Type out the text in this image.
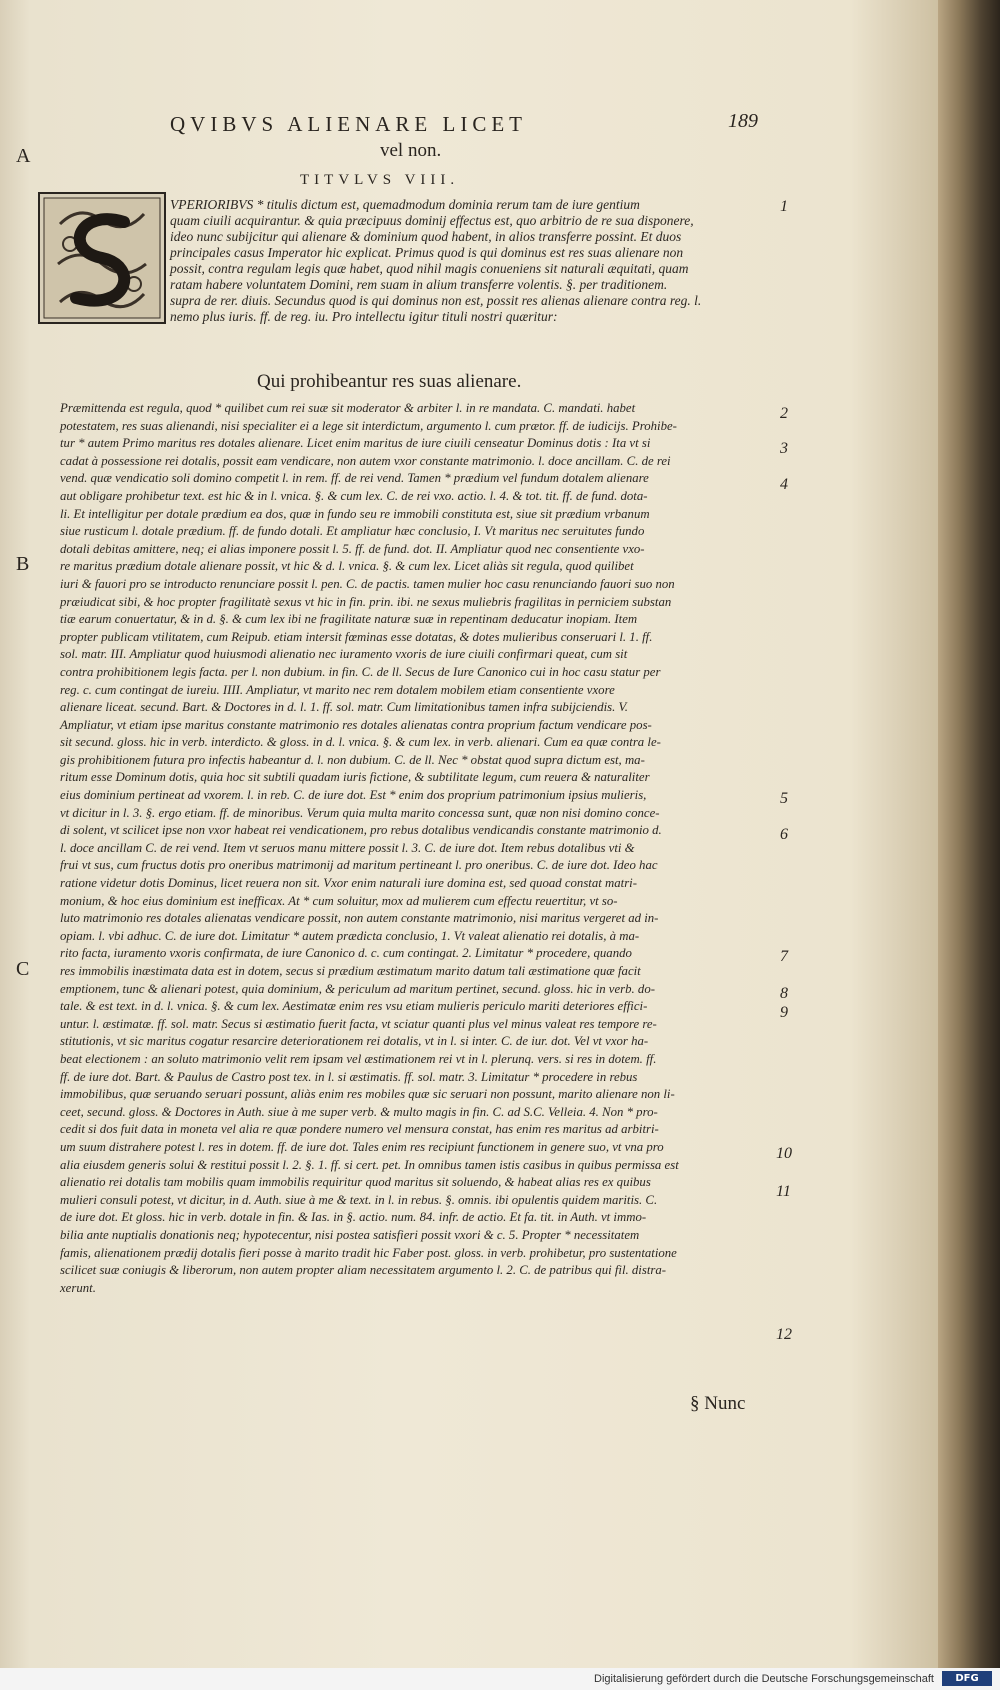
QVIBVS ALIENARE LICET
vel non.
189
A
B
C
TITVLVS VIII.

VPERIORIBVS * titulis dictum est, quemadmodum dominia rerum tam de iure gentium

quam ciuili acquirantur. & quia præcipuus dominij effectus est, quo arbitrio de re sua disponere,

ideo nunc subijcitur qui alienare & dominium quod habent, in alios transferre possint. Et duos

principales casus Imperator hic explicat. Primus quod is qui dominus est res suas alienare non

possit, contra regulam legis quæ habet, quod nihil magis conueniens sit naturali æquitati, quam

ratam habere voluntatem Domini, rem suam in alium transferre volentis. §. per traditionem.

supra de rer. diuis. Secundus quod is qui dominus non est, possit res alienas alienare contra reg. l.

nemo plus iuris. ff. de reg. iu. Pro intellectu igitur tituli nostri quæritur:

Qui prohibeantur res suas alienare.

Præmittenda est regula, quod * quilibet cum rei suæ sit moderator & arbiter l. in re mandata. C. mandati. habet

potestatem, res suas alienandi, nisi specialiter ei a lege sit interdictum, argumento l. cum prætor. ff. de iudicijs. Prohibe-

tur * autem Primo maritus res dotales alienare. Licet enim maritus de iure ciuili censeatur Dominus dotis : Ita vt si

cadat à possessione rei dotalis, possit eam vendicare, non autem vxor constante matrimonio. l. doce ancillam. C. de rei

vend. quæ vendicatio soli domino competit l. in rem. ff. de rei vend. Tamen * prædium vel fundum dotalem alienare

aut obligare prohibetur text. est hic & in l. vnica. §. & cum lex. C. de rei vxo. actio. l. 4. & tot. tit. ff. de fund. dota-

li. Et intelligitur per dotale prædium ea dos, quæ in fundo seu re immobili constituta est, siue sit prædium vrbanum

siue rusticum l. dotale prædium. ff. de fundo dotali. Et ampliatur hæc conclusio, I. Vt maritus nec seruitutes fundo

dotali debitas amittere, neq; ei alias imponere possit l. 5. ff. de fund. dot. II. Ampliatur quod nec consentiente vxo-

re maritus prædium dotale alienare possit, vt hic & d. l. vnica. §. & cum lex. Licet aliàs sit regula, quod quilibet

iuri & fauori pro se introducto renunciare possit l. pen. C. de pactis. tamen mulier hoc casu renunciando fauori suo non

præiudicat sibi, & hoc propter fragilitatè sexus vt hic in fin. prin. ibi. ne sexus muliebris fragilitas in perniciem substan

tiæ earum conuertatur, & in d. §. & cum lex ibi ne fragilitate naturæ suæ in repentinam deducatur inopiam. Item

propter publicam vtilitatem, cum Reipub. etiam intersit fœminas esse dotatas, & dotes mulieribus conseruari l. 1. ff.

sol. matr. III. Ampliatur quod huiusmodi alienatio nec iuramento vxoris de iure ciuili confirmari queat, cum sit

contra prohibitionem legis facta. per l. non dubium. in fin. C. de ll. Secus de Iure Canonico cui in hoc casu statur per

reg. c. cum contingat de iureiu. IIII. Ampliatur, vt marito nec rem dotalem mobilem etiam consentiente vxore

alienare liceat. secund. Bart. & Doctores in d. l. 1. ff. sol. matr. Cum limitationibus tamen infra subijciendis. V.

Ampliatur, vt etiam ipse maritus constante matrimonio res dotales alienatas contra proprium factum vendicare pos-

sit secund. gloss. hic in verb. interdicto. & gloss. in d. l. vnica. §. & cum lex. in verb. alienari. Cum ea quæ contra le-

gis prohibitionem futura pro infectis habeantur d. l. non dubium. C. de ll. Nec * obstat quod supra dictum est, ma-

ritum esse Dominum dotis, quia hoc sit subtili quadam iuris fictione, & subtilitate legum, cum reuera & naturaliter

eius dominium pertineat ad vxorem. l. in reb. C. de iure dot. Est * enim dos proprium patrimonium ipsius mulieris,

vt dicitur in l. 3. §. ergo etiam. ff. de minoribus. Verum quia multa marito concessa sunt, quæ non nisi domino conce-

di solent, vt scilicet ipse non vxor habeat rei vendicationem, pro rebus dotalibus vendicandis constante matrimonio d.

l. doce ancillam C. de rei vend. Item vt seruos manu mittere possit l. 3. C. de iure dot. Item rebus dotalibus vti &

frui vt sus, cum fructus dotis pro oneribus matrimonij ad maritum pertineant l. pro oneribus. C. de iure dot. Ideo hac

ratione videtur dotis Dominus, licet reuera non sit. Vxor enim naturali iure domina est, sed quoad constat matri-

monium, & hoc eius dominium est inefficax. At * cum soluitur, mox ad mulierem cum effectu reuertitur, vt so-

luto matrimonio res dotales alienatas vendicare possit, non autem constante matrimonio, nisi maritus vergeret ad in-

opiam. l. vbi adhuc. C. de iure dot. Limitatur * autem prædicta conclusio, 1. Vt valeat alienatio rei dotalis, à ma-

rito facta, iuramento vxoris confirmata, de iure Canonico d. c. cum contingat. 2. Limitatur * procedere, quando

res immobilis inæstimata data est in dotem, secus si prædium æstimatum marito datum tali æstimatione quæ facit

emptionem, tunc & alienari potest, quia dominium, & periculum ad maritum pertinet, secund. gloss. hic in verb. do-

tale. & est text. in d. l. vnica. §. & cum lex. Aestimatæ enim res vsu etiam mulieris periculo mariti deteriores effici-

untur. l. æstimatæ. ff. sol. matr. Secus si æstimatio fuerit facta, vt sciatur quanti plus vel minus valeat res tempore re-

stitutionis, vt sic maritus cogatur resarcire deteriorationem rei dotalis, vt in l. si inter. C. de iur. dot. Vel vt vxor ha-

beat electionem : an soluto matrimonio velit rem ipsam vel æstimationem rei vt in l. plerunq. vers. si res in dotem. ff.

ff. de iure dot. Bart. & Paulus de Castro post tex. in l. si æstimatis. ff. sol. matr. 3. Limitatur * procedere in rebus

immobilibus, quæ seruando seruari possunt, aliàs enim res mobiles quæ sic seruari non possunt, marito alienare non li-

ceet, secund. gloss. & Doctores in Auth. siue à me super verb. & multo magis in fin. C. ad S.C. Velleia. 4. Non * pro-

cedit si dos fuit data in moneta vel alia re quæ pondere numero vel mensura constat, has enim res maritus ad arbitri-

um suum distrahere potest l. res in dotem. ff. de iure dot. Tales enim res recipiunt functionem in genere suo, vt vna pro

alia eiusdem generis solui & restitui possit l. 2. §. 1. ff. si cert. pet. In omnibus tamen istis casibus in quibus permissa est

alienatio rei dotalis tam mobilis quam immobilis requiritur quod maritus sit soluendo, & habeat alias res ex quibus

mulieri consuli potest, vt dicitur, in d. Auth. siue à me & text. in l. in rebus. §. omnis. ibi opulentis quidem maritis. C.

de iure dot. Et gloss. hic in verb. dotale in fin. & Ias. in §. actio. num. 84. infr. de actio. Et fa. tit. in Auth. vt immo-

bilia ante nuptialis donationis neq; hypotecentur, nisi postea satisfieri possit vxori & c. 5. Propter * necessitatem

famis, alienationem prædij dotalis fieri posse à marito tradit hic Faber post. gloss. in verb. prohibetur, pro sustentatione

scilicet suæ coniugis & liberorum, non autem propter aliam necessitatem argumento l. 2. C. de patribus qui fil. distra-

xerunt.

1
2
3
4
5
6
7
8
9
10
11
12
§ Nunc
Digitalisierung gefördert durch die Deutsche Forschungsgemeinschaft	DFG
